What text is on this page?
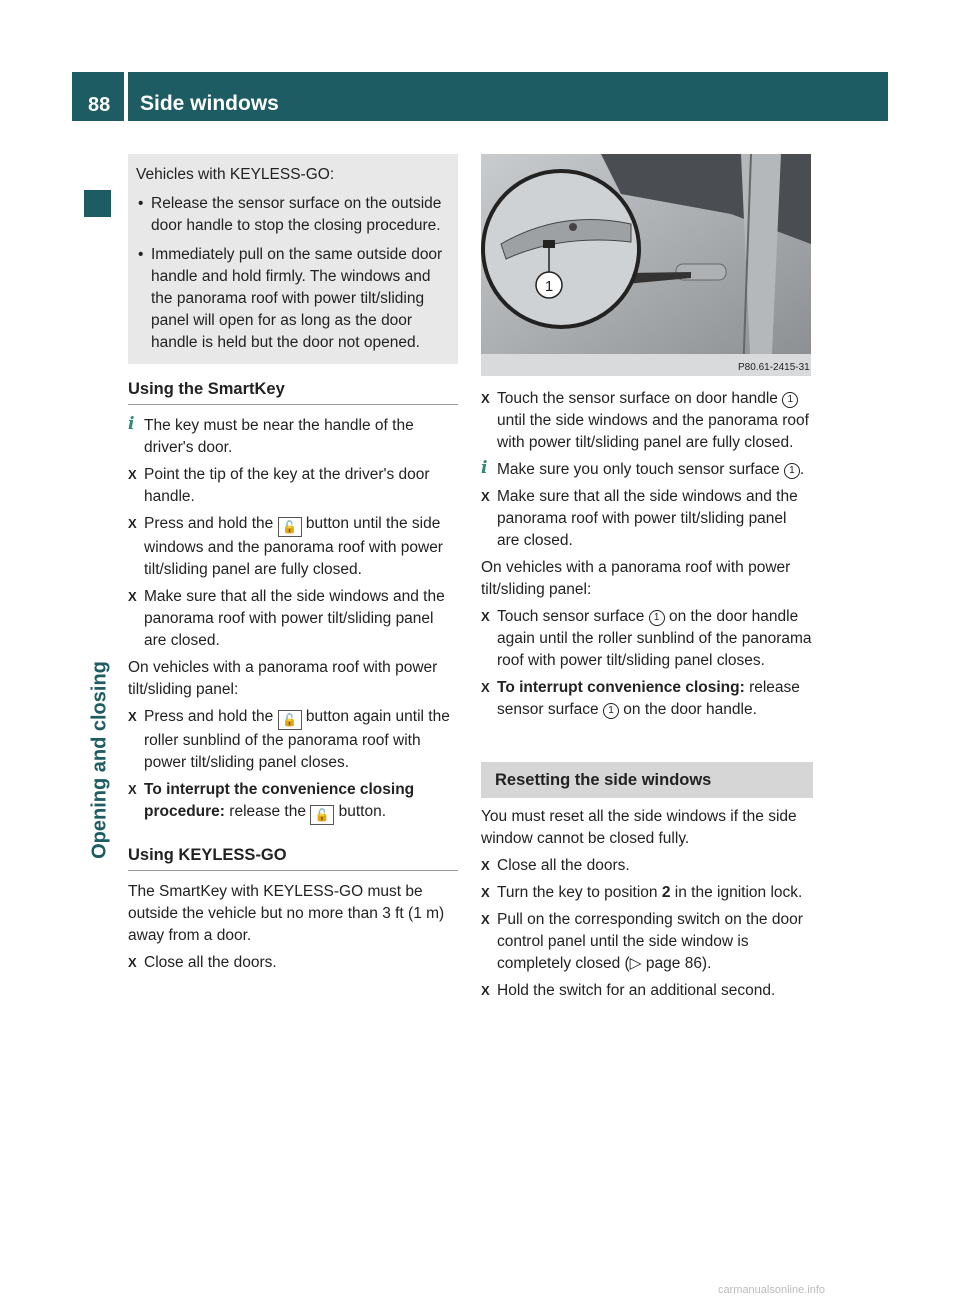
88 Side windows
Opening and closing

Vehicles with KEYLESS-GO:

• Release the sensor surface on the outside door handle to stop the closing procedure.
• Immediately pull on the same outside door handle and hold firmly. The windows and the panorama roof with power tilt/sliding panel will open for as long as the door handle is held but the door not opened.
Using the SmartKey
i The key must be near the handle of the driver's door.
X Point the tip of the key at the driver's door handle.
X Press and hold the 🔓 button until the side windows and the panorama roof with power tilt/sliding panel are fully closed.
X Make sure that all the side windows and the panorama roof with power tilt/sliding panel are closed.
On vehicles with a panorama roof with power tilt/sliding panel:
X Press and hold the 🔓 button again until the roller sunblind of the panorama roof with power tilt/sliding panel closes.
X To interrupt the convenience closing procedure: release the 🔓 button.
Using KEYLESS-GO
The SmartKey with KEYLESS-GO must be outside the vehicle but no more than 3 ft (1 m) away from a door.
X Close all the doors.
1
P80.61-2415-31
X Touch the sensor surface on door handle 1 until the side windows and the panorama roof with power tilt/sliding panel are fully closed.
i Make sure you only touch sensor surface 1 .
X Make sure that all the side windows and the panorama roof with power tilt/sliding panel are closed.
On vehicles with a panorama roof with power tilt/sliding panel:
X Touch sensor surface 1 on the door handle again until the roller sunblind of the panorama roof with power tilt/sliding panel closes.
X To interrupt convenience closing: release sensor surface 1 on the door handle.
Resetting the side windows
You must reset all the side windows if the side window cannot be closed fully.
X Close all the doors.
X Turn the key to position 2 in the ignition lock.
X Pull on the corresponding switch on the door control panel until the side window is completely closed (▷ page 86).
X Hold the switch for an additional second.
carmanualsonline.info
